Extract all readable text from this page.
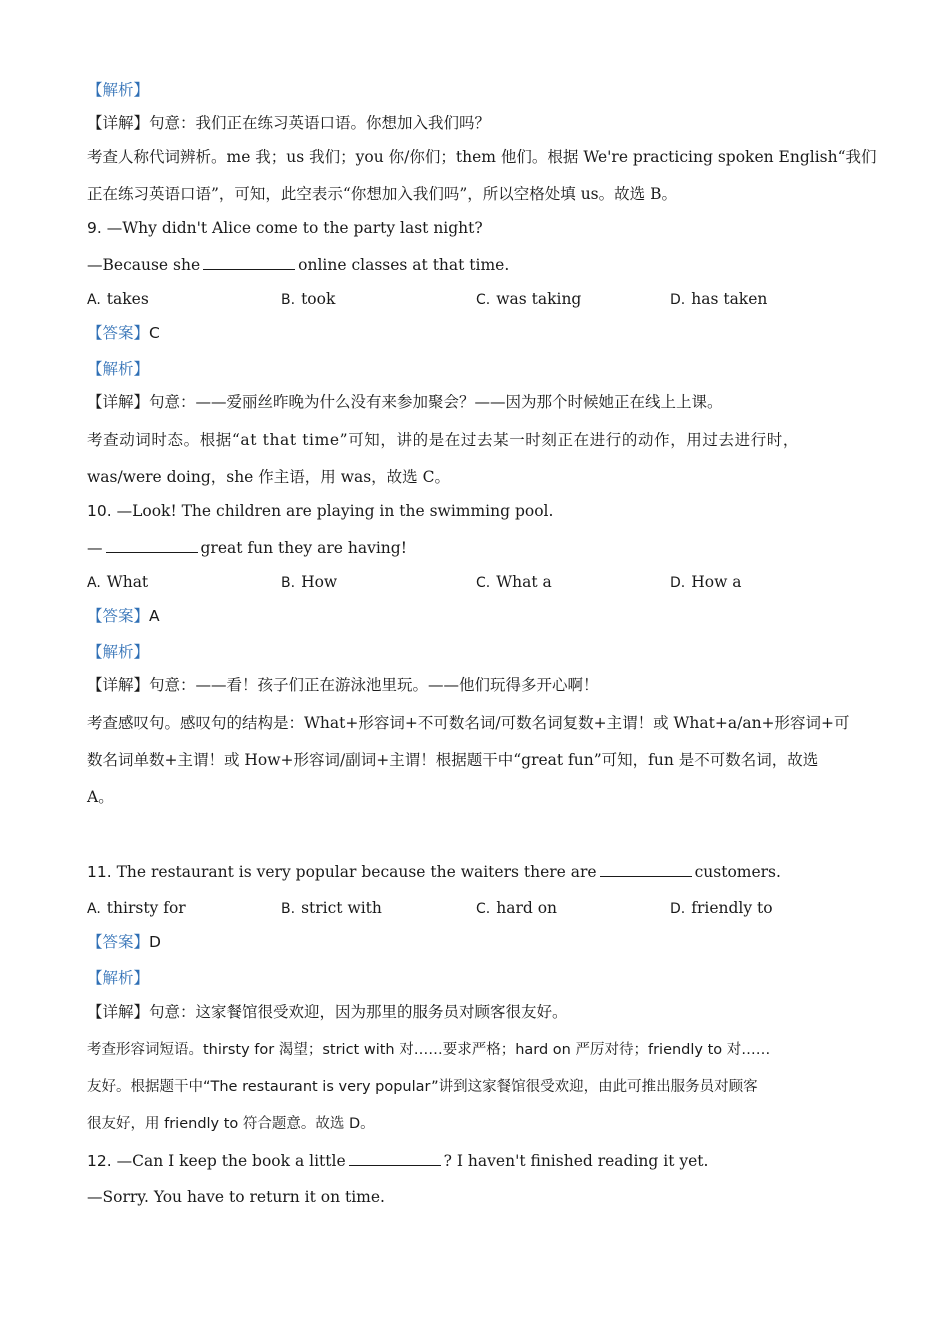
【解析】
【详解】句意：我们正在练习英语口语。你想加入我们吗？
考查人称代词辨析。me 我；us 我们；you 你/你们；them 他们。根据 We're practicing spoken English“我们
正在练习英语口语”，可知，此空表示“你想加入我们吗”，所以空格处填 us。故选 B。
9. —Why didn't Alice come to the party last night?
—Because she	online classes at that time.
A. takes	B. took	C. was taking	D. has taken
【答案】C
【解析】
【详解】句意：——爱丽丝昨晚为什么没有来参加聚会？——因为那个时候她正在线上上课。
考查动词时态。根据“at that time”可知，讲的是在过去某一时刻正在进行的动作，用过去进行时，
was/were doing，she 作主语，用 was，故选 C。
10. —Look! The children are playing in the swimming pool.
—	great fun they are having!
A. What	B. How	C. What a	D. How a
【答案】A
【解析】
【详解】句意：——看！孩子们正在游泳池里玩。——他们玩得多开心啊！
考查感叹句。感叹句的结构是：What+形容词+不可数名词/可数名词复数+主谓！或 What+a/an+形容词+可
数名词单数+主谓！或 How+形容词/副词+主谓！根据题干中“great fun”可知，fun 是不可数名词，故选
A。
11. The restaurant is very popular because the waiters there are	customers.
A. thirsty for	B. strict with	C. hard on	D. friendly to
【答案】D
【解析】
【详解】句意：这家餐馆很受欢迎，因为那里的服务员对顾客很友好。
考查形容词短语。thirsty for 渴望；strict with 对……要求严格；hard on 严厉对待；friendly to 对……
友好。根据题干中“The restaurant is very popular”讲到这家餐馆很受欢迎，由此可推出服务员对顾客
很友好，用 friendly to 符合题意。故选 D。
12. —Can I keep the book a little	? I haven't finished reading it yet.
—Sorry. You have to return it on time.
